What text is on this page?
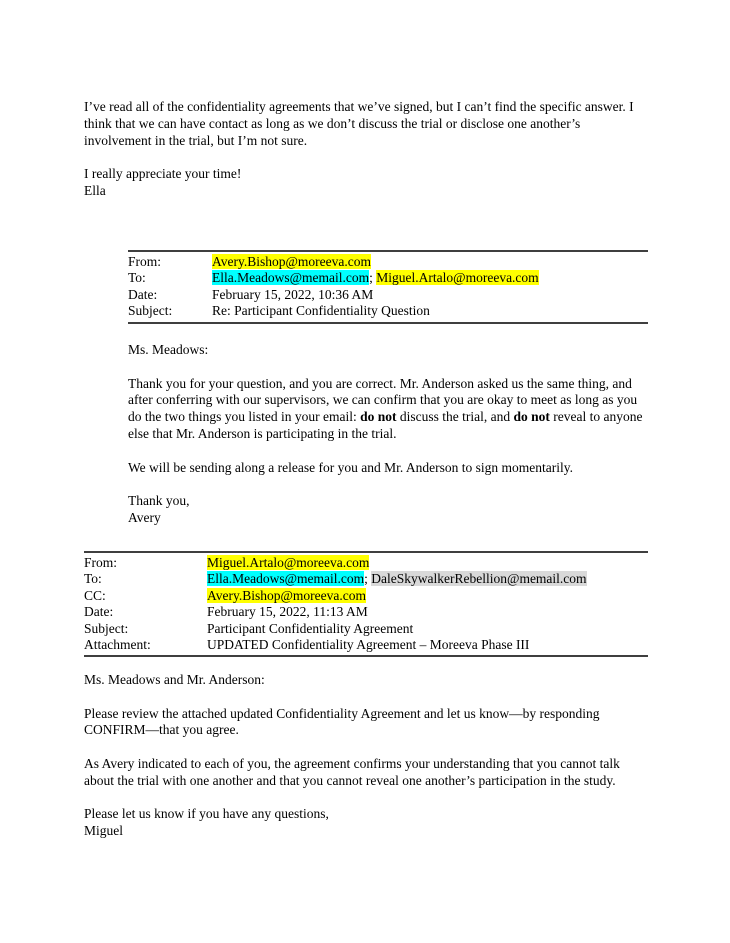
I’ve read all of the confidentiality agreements that we’ve signed, but I can’t find the specific answer. I think that we can have contact as long as we don’t discuss the trial or disclose one another’s involvement in the trial, but I’m not sure.
I really appreciate your time!
Ella
From:	Avery.Bishop@moreeva.com
To:	Ella.Meadows@memail.com; Miguel.Artalo@moreeva.com
Date:	February 15, 2022, 10:36 AM
Subject:	Re: Participant Confidentiality Question
Ms. Meadows:
Thank you for your question, and you are correct. Mr. Anderson asked us the same thing, and after conferring with our supervisors, we can confirm that you are okay to meet as long as you do the two things you listed in your email: do not discuss the trial, and do not reveal to anyone else that Mr. Anderson is participating in the trial.
We will be sending along a release for you and Mr. Anderson to sign momentarily.
Thank you,
Avery
From:	Miguel.Artalo@moreeva.com
To:	Ella.Meadows@memail.com; DaleSkywalkerRebellion@memail.com
CC:	Avery.Bishop@moreeva.com
Date:	February 15, 2022, 11:13 AM
Subject:	Participant Confidentiality Agreement
Attachment:	UPDATED Confidentiality Agreement – Moreeva Phase III
Ms. Meadows and Mr. Anderson:
Please review the attached updated Confidentiality Agreement and let us know—by responding CONFIRM—that you agree.
As Avery indicated to each of you, the agreement confirms your understanding that you cannot talk about the trial with one another and that you cannot reveal one another’s participation in the study.
Please let us know if you have any questions,
Miguel
